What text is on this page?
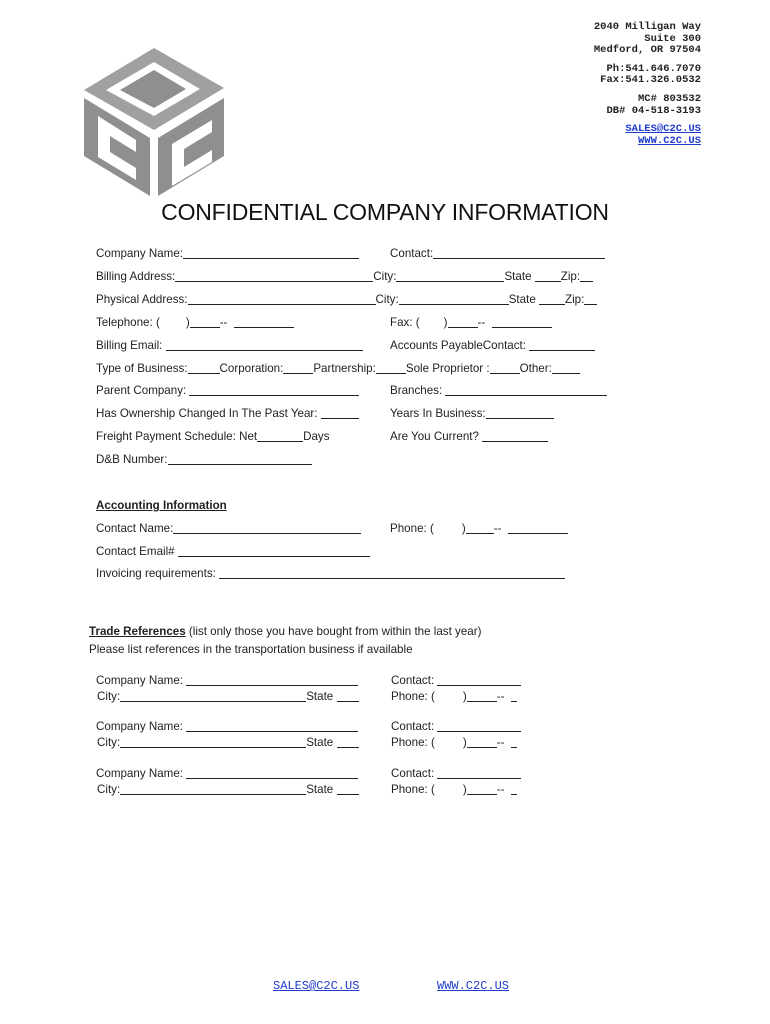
2040 Milligan Way
Suite 300
Medford, OR 97504
Ph:541.646.7070
Fax:541.326.0532
MC# 803532
DB# 04-518-3193
SALES@C2C.US
WWW.C2C.US
CONFIDENTIAL COMPANY INFORMATION
Company Name:	Contact:
Billing Address:	City:	State	Zip:
Physical Address:	City:	State	Zip:
Telephone: ( )	--	Fax: ( )	--
Billing Email:	Accounts PayableContact:
Type of Business:	Corporation:	Partnership:	Sole Proprietor :	Other:
Parent Company:	Branches:
Has Ownership Changed In The Past Year:	Years In Business:
Freight Payment Schedule: Net	Days	Are You Current?
D&B Number:
Accounting Information
Contact Name:	Phone: ( ) --
Contact Email#
Invoicing requirements:
Trade References (list only those you have bought from within the last year)
Please list references in the transportation business if available
Company Name:	Contact:
City:	State	Phone: ( )	--
Company Name:	Contact:
City:	State	Phone: ( )	--
Company Name:	Contact:
City:	State	Phone: ( )	--
SALES@C2C.US	WWW.C2C.US
